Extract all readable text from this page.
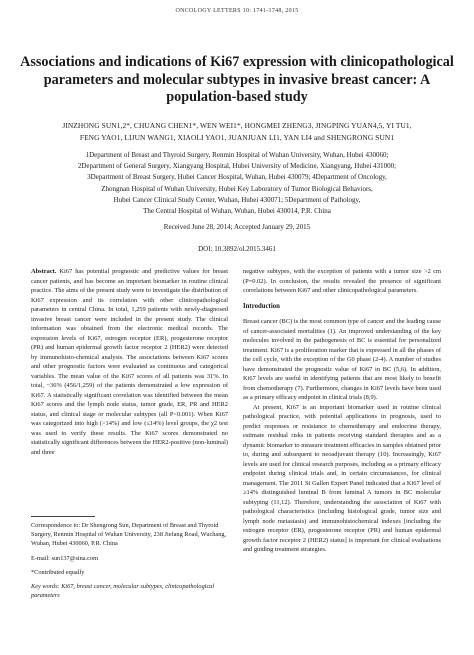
ONCOLOGY LETTERS 10: 1741-1748, 2015
Associations and indications of Ki67 expression with clinicopathological parameters and molecular subtypes in invasive breast cancer: A population-based study
JINZHONG SUN1,2*, CHUANG CHEN1*, WEN WEI1*, HONGMEI ZHENG3, JINGPING YUAN4,5, YI TU1,
FENG YAO1, LIJUN WANG1, XIAOLI YAO1, JUANJUAN LI1, YAN LI4 and SHENGRONG SUN1
1Department of Breast and Thyroid Surgery, Renmin Hospital of Wuhan University, Wuhan, Hubei 430060;
2Department of General Surgery, Xiangyang Hospital, Hubei University of Medicine, Xiangyang, Hubei 431000;
3Department of Breast Surgery, Hubei Cancer Hospital, Wuhan, Hubei 430079; 4Department of Oncology,
Zhongnan Hospital of Wuhan University, Hubei Key Laboratory of Tumor Biological Behaviors,
Hubei Cancer Clinical Study Center, Wuhan, Hubei 430071; 5Department of Pathology,
The Central Hospital of Wuhan, Wuhan, Hubei 430014, P.R. China
Received June 28, 2014; Accepted January 29, 2015
DOI: 10.3892/ol.2015.3461

Abstract. Ki67 has potential prognostic and predictive values for breast cancer patients, and has become an important biomarker in routine clinical practice. The aims of the present study were to investigate the distribution of Ki67 expression and its correlation with other clinicopathological parameters in central China. In total, 1,259 patients with newly-diagnosed invasive breast cancer were included in the present study. The clinical information was obtained from the electronic medical records. The expression levels of Ki67, estrogen receptor (ER), progesterone receptor (PR) and human epidermal growth factor receptor 2 (HER2) were detected by immunohisto-chemical analysis. The associations between Ki67 scores and other prognostic factors were evaluated as continuous and categorical variables. The mean value of the Ki67 scores of all patients was 31%. In total, ~36% (456/1,259) of the patients demonstrated a low expression of Ki67. A statistically significant correlation was identified between the mean Ki67 scores and the lymph node status, tumor grade, ER, PR and HER2 status, and clinical stage or molecular subtypes (all P<0.001). When Ki67 was categorized into high (>14%) and low (≤14%) level groups, the χ2 test was used to verify these results. The Ki67 scores demonstrated no statistically significant differences between the HER2-positive (non-luminal) and three

Correspondence to: Dr Shengrong Sun, Department of Breast and Thyroid Surgery, Renmin Hospital of Wuhan University, 238 Jiefang Road, Wuchang, Wuhan, Hubei 430060, P.R. China

E-mail: sun137@sina.com

*Contributed equally

Key words: Ki67, breast cancer, molecular subtypes, clinicopathological parameters

negative subtypes, with the exception of patients with a tumor size >2 cm (P=0.02). In conclusion, the results revealed the presence of significant correlations between Ki67 and other clinicopathological parameters.

Introduction

Breast cancer (BC) is the most common type of cancer and the leading cause of cancer-associated mortalities (1). An improved understanding of the key molecules involved in the pathogenesis of BC is essential for personalized treatment. Ki67 is a proliferation marker that is expressed in all the phases of the cell cycle, with the exception of the G0 phase (2-4). A number of studies have demonstrated the prognostic value of Ki67 in BC (5,6). In addition, Ki67 levels are useful in identifying patients that are most likely to benefit from chemotherapy (7). Furthermore, changes in Ki67 levels have been used as a primary efficacy endpoint in clinical trials (8,9).

At present, Ki67 is an important biomarker used in routine clinical pathological practice, with potential applications in prognosis, used to predict responses or resistance to chemotherapy and endocrine therapy, estimate residual risks in patients receiving standard therapies and as a dynamic biomarker to measure treatment efficacies in samples obtained prior to, during and subsequent to neoadjuvant therapy (10). Increasingly, Ki67 levels are used for clinical research purposes, including as a primary efficacy endpoint during clinical trials and, in certain circumstances, for clinical management. The 2011 St Gallen Expert Panel indicated that a Ki67 level of ≥14% distinguished luminal B from luminal A tumors in BC molecular subtyping (11,12). Therefore, understanding the association of Ki67 with pathological characteristics (including histological grade, tumor size and lymph node metastasis) and immunohistochemical indexes [including the estrogen receptor (ER), progesterone receptor (PR) and human epidermal growth factor receptor 2 (HER2) status] is important for clinical evaluations and guiding treatment strategies.
